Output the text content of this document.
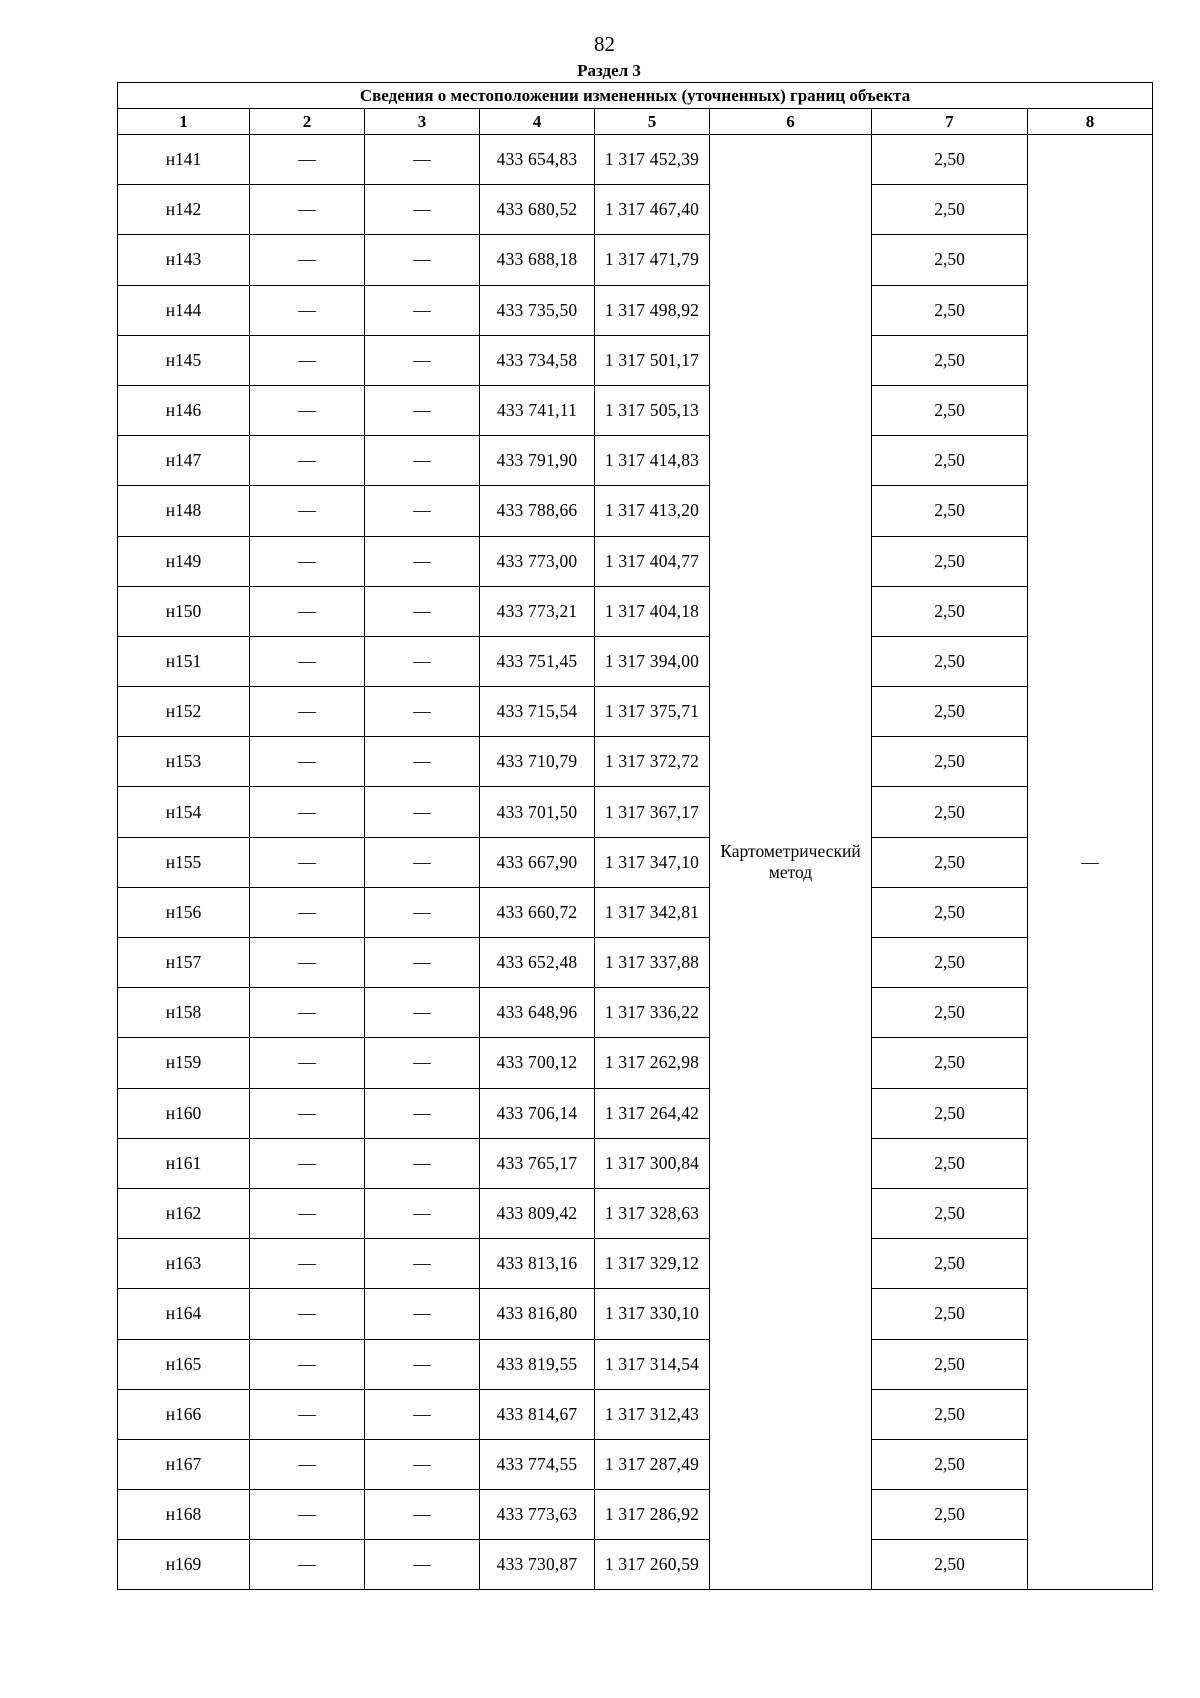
82
Раздел 3
Сведения о местоположении измененных (уточненных) границ объекта							
1	2	3	4	5	6	7	8
н141	—	—	433 654,83	1 317 452,39	Картометрический метод	2,50	—
н142	—	—	433 680,52	1 317 467,40		2,50	
н143	—	—	433 688,18	1 317 471,79		2,50	
н144	—	—	433 735,50	1 317 498,92		2,50	
н145	—	—	433 734,58	1 317 501,17		2,50	
н146	—	—	433 741,11	1 317 505,13		2,50	
н147	—	—	433 791,90	1 317 414,83		2,50	
н148	—	—	433 788,66	1 317 413,20		2,50	
н149	—	—	433 773,00	1 317 404,77		2,50	
н150	—	—	433 773,21	1 317 404,18		2,50	
н151	—	—	433 751,45	1 317 394,00		2,50	
н152	—	—	433 715,54	1 317 375,71		2,50	
н153	—	—	433 710,79	1 317 372,72		2,50	
н154	—	—	433 701,50	1 317 367,17		2,50	
н155	—	—	433 667,90	1 317 347,10		2,50	
н156	—	—	433 660,72	1 317 342,81		2,50	
н157	—	—	433 652,48	1 317 337,88		2,50	
н158	—	—	433 648,96	1 317 336,22		2,50	
н159	—	—	433 700,12	1 317 262,98		2,50	
н160	—	—	433 706,14	1 317 264,42		2,50	
н161	—	—	433 765,17	1 317 300,84		2,50	
н162	—	—	433 809,42	1 317 328,63		2,50	
н163	—	—	433 813,16	1 317 329,12		2,50	
н164	—	—	433 816,80	1 317 330,10		2,50	
н165	—	—	433 819,55	1 317 314,54		2,50	
н166	—	—	433 814,67	1 317 312,43		2,50	
н167	—	—	433 774,55	1 317 287,49		2,50	
н168	—	—	433 773,63	1 317 286,92		2,50	
н169	—	—	433 730,87	1 317 260,59		2,50	
